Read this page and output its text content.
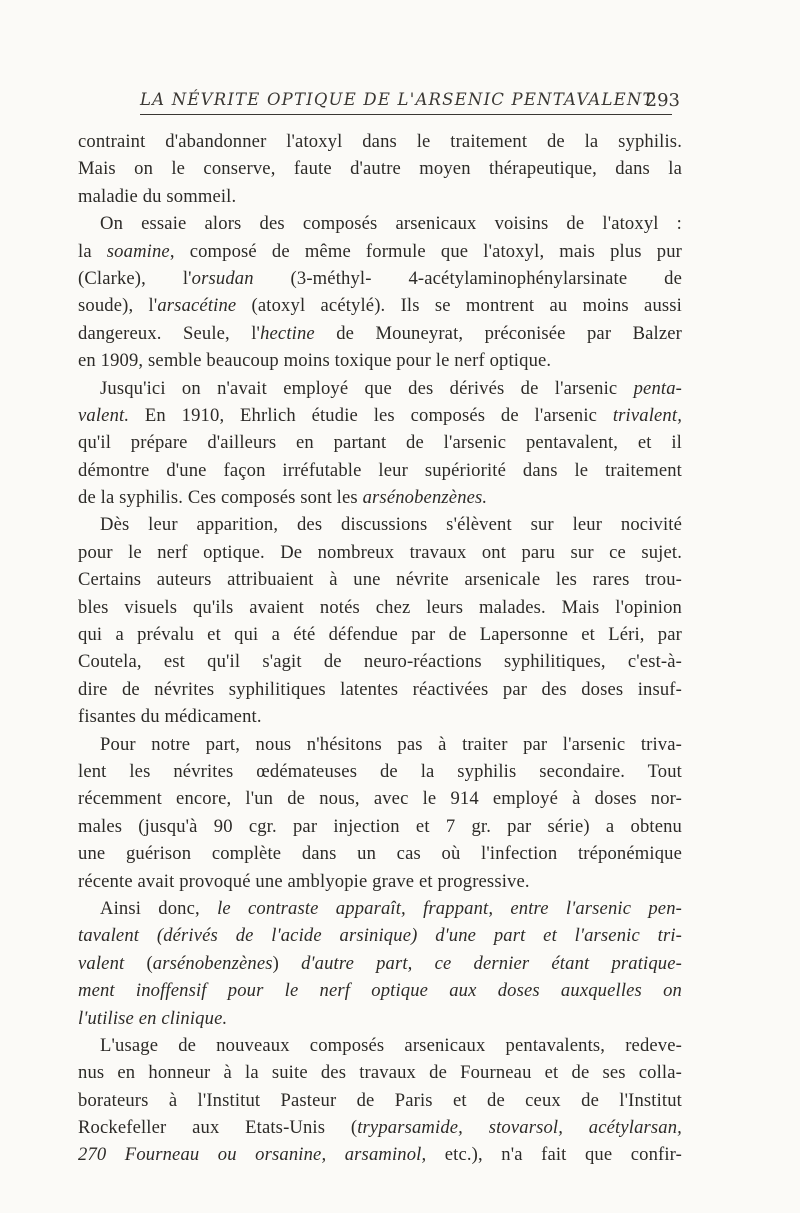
LA NÉVRITE OPTIQUE DE L'ARSENIC PENTAVALENT
293
contraint d'abandonner l'atoxyl dans le traitement de la syphilis.
Mais on le conserve, faute d'autre moyen thérapeutique, dans la
maladie du sommeil.
On essaie alors des composés arsenicaux voisins de l'atoxyl :
la soamine, composé de même formule que l'atoxyl, mais plus pur
(Clarke), l'orsudan (3-méthyl- 4-acétylaminophénylarsinate de
soude), l'arsacétine (atoxyl acétylé). Ils se montrent au moins aussi
dangereux. Seule, l'hectine de Mouneyrat, préconisée par Balzer
en 1909, semble beaucoup moins toxique pour le nerf optique.
Jusqu'ici on n'avait employé que des dérivés de l'arsenic penta-
valent. En 1910, Ehrlich étudie les composés de l'arsenic trivalent,
qu'il prépare d'ailleurs en partant de l'arsenic pentavalent, et il
démontre d'une façon irréfutable leur supériorité dans le traitement
de la syphilis. Ces composés sont les arsénobenzènes.
Dès leur apparition, des discussions s'élèvent sur leur nocivité
pour le nerf optique. De nombreux travaux ont paru sur ce sujet.
Certains auteurs attribuaient à une névrite arsenicale les rares trou-
bles visuels qu'ils avaient notés chez leurs malades. Mais l'opinion
qui a prévalu et qui a été défendue par de Lapersonne et Léri, par
Coutela, est qu'il s'agit de neuro-réactions syphilitiques, c'est-à-
dire de névrites syphilitiques latentes réactivées par des doses insuf-
fisantes du médicament.
Pour notre part, nous n'hésitons pas à traiter par l'arsenic triva-
lent les névrites œdémateuses de la syphilis secondaire. Tout
récemment encore, l'un de nous, avec le 914 employé à doses nor-
males (jusqu'à 90 cgr. par injection et 7 gr. par série) a obtenu
une guérison complète dans un cas où l'infection tréponémique
récente avait provoqué une amblyopie grave et progressive.
Ainsi donc, le contraste apparaît, frappant, entre l'arsenic pen-
tavalent (dérivés de l'acide arsinique) d'une part et l'arsenic tri-
valent (arsénobenzènes) d'autre part, ce dernier étant pratique-
ment inoffensif pour le nerf optique aux doses auxquelles on
l'utilise en clinique.
L'usage de nouveaux composés arsenicaux pentavalents, redeve-
nus en honneur à la suite des travaux de Fourneau et de ses colla-
borateurs à l'Institut Pasteur de Paris et de ceux de l'Institut
Rockefeller aux Etats-Unis (tryparsamide, stovarsol, acétylarsan,
270 Fourneau ou orsanine, arsaminol, etc.), n'a fait que confir-
